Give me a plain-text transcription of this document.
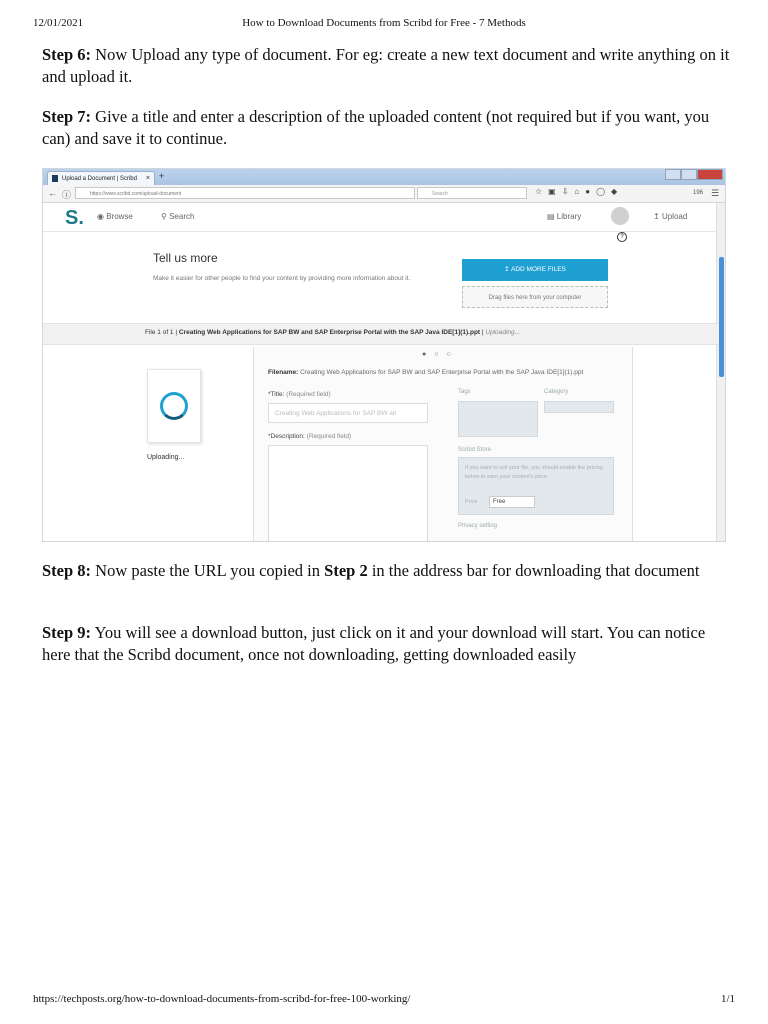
12/01/2021	How to Download Documents from Scribd for Free - 7 Methods
Step 6: Now Upload any type of document. For eg: create a new text document and write anything on it and upload it.
Step 7: Give a title and enter a description of the uploaded content (not required but if you want, you can) and save it to continue.
Upload a Document | Scribd × +
← ⓘ	https://www.scribd.com/upload-document	Search	☆▣⇩⌂●◯◆	196 ☰
S. ◉ Browse	⚲ Search	▤ Library	↥ Upload
?
Tell us more
Make it easier for other people to find your content by providing more information about it.
↥ ADD MORE FILES
Drag files here from your computer
File 1 of 1 | Creating Web Applications for SAP BW and SAP Enterprise Portal with the SAP Java IDE[1](1).ppt | Uploading...
Uploading...
●○○
Filename: Creating Web Applications for SAP BW and SAP Enterprise Portal with the SAP Java IDE[1](1).ppt
*Title: (Required field)
Creating Web Applications for SAP BW an
*Description: (Required field)
Tags	Category
Scribd Store
If you want to sell your file, you should enable the pricing below to earn your content's price
Price	Free
Privacy setting
Step 8: Now paste the URL you copied in Step 2 in the address bar for downloading that document
Step 9: You will see a download button, just click on it and your download will start. You can notice here that the Scribd document, once not downloading, getting downloaded easily
https://techposts.org/how-to-download-documents-from-scribd-for-free-100-working/	1/1
